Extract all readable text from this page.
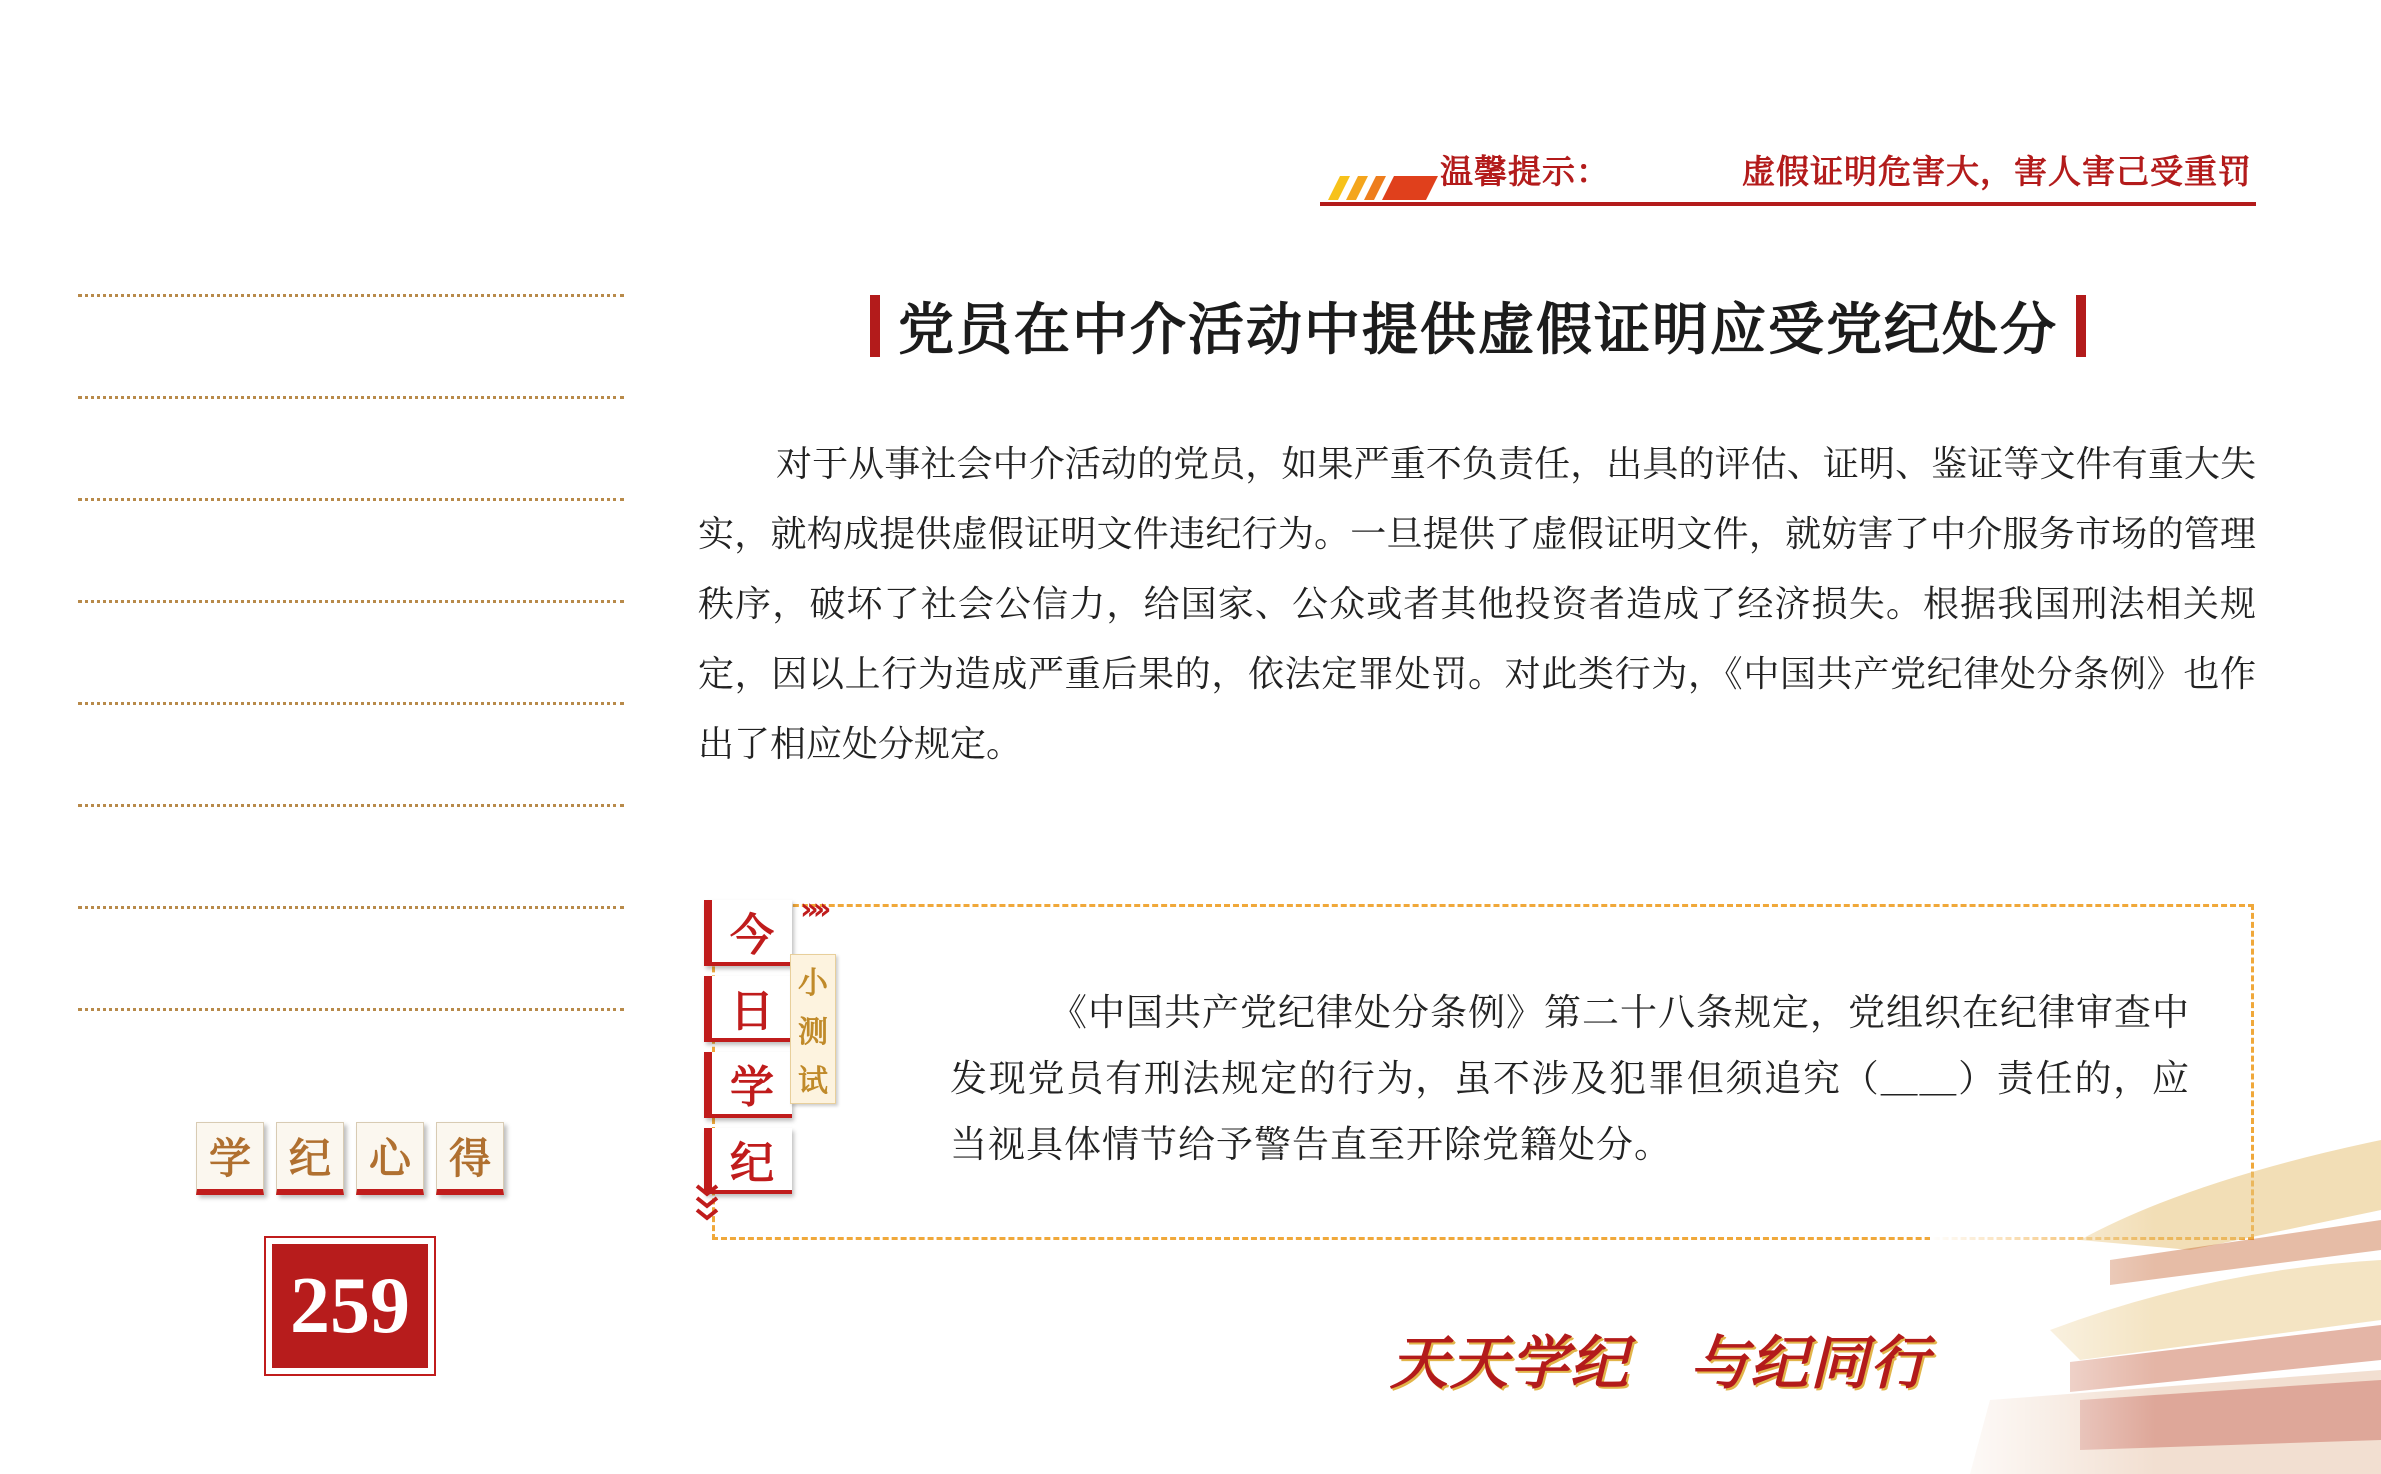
温馨提示：	虚假证明危害大，害人害己受重罚
学 纪 心 得
259
党员在中介活动中提供虚假证明应受党纪处分

对于从事社会中介活动的党员，如果严重不负责任，出具的评估、证明、鉴证等文件有重大失实，就构成提供虚假证明文件违纪行为。一旦提供了虚假证明文件，就妨害了中介服务市场的管理秩序，破坏了社会公信力，给国家、公众或者其他投资者造成了经济损失。根据我国刑法相关规定，因以上行为造成严重后果的，依法定罪处罚。对此类行为，《中国共产党纪律处分条例》也作出了相应处分规定。

››››
今
日
学
纪
小
测
试

《中国共产党纪律处分条例》第二十八条规定，党组织在纪律审查中发现党员有刑法规定的行为，虽不涉及犯罪但须追究（＿＿）责任的，应当视具体情节给予警告直至开除党籍处分。

天天学纪　与纪同行
